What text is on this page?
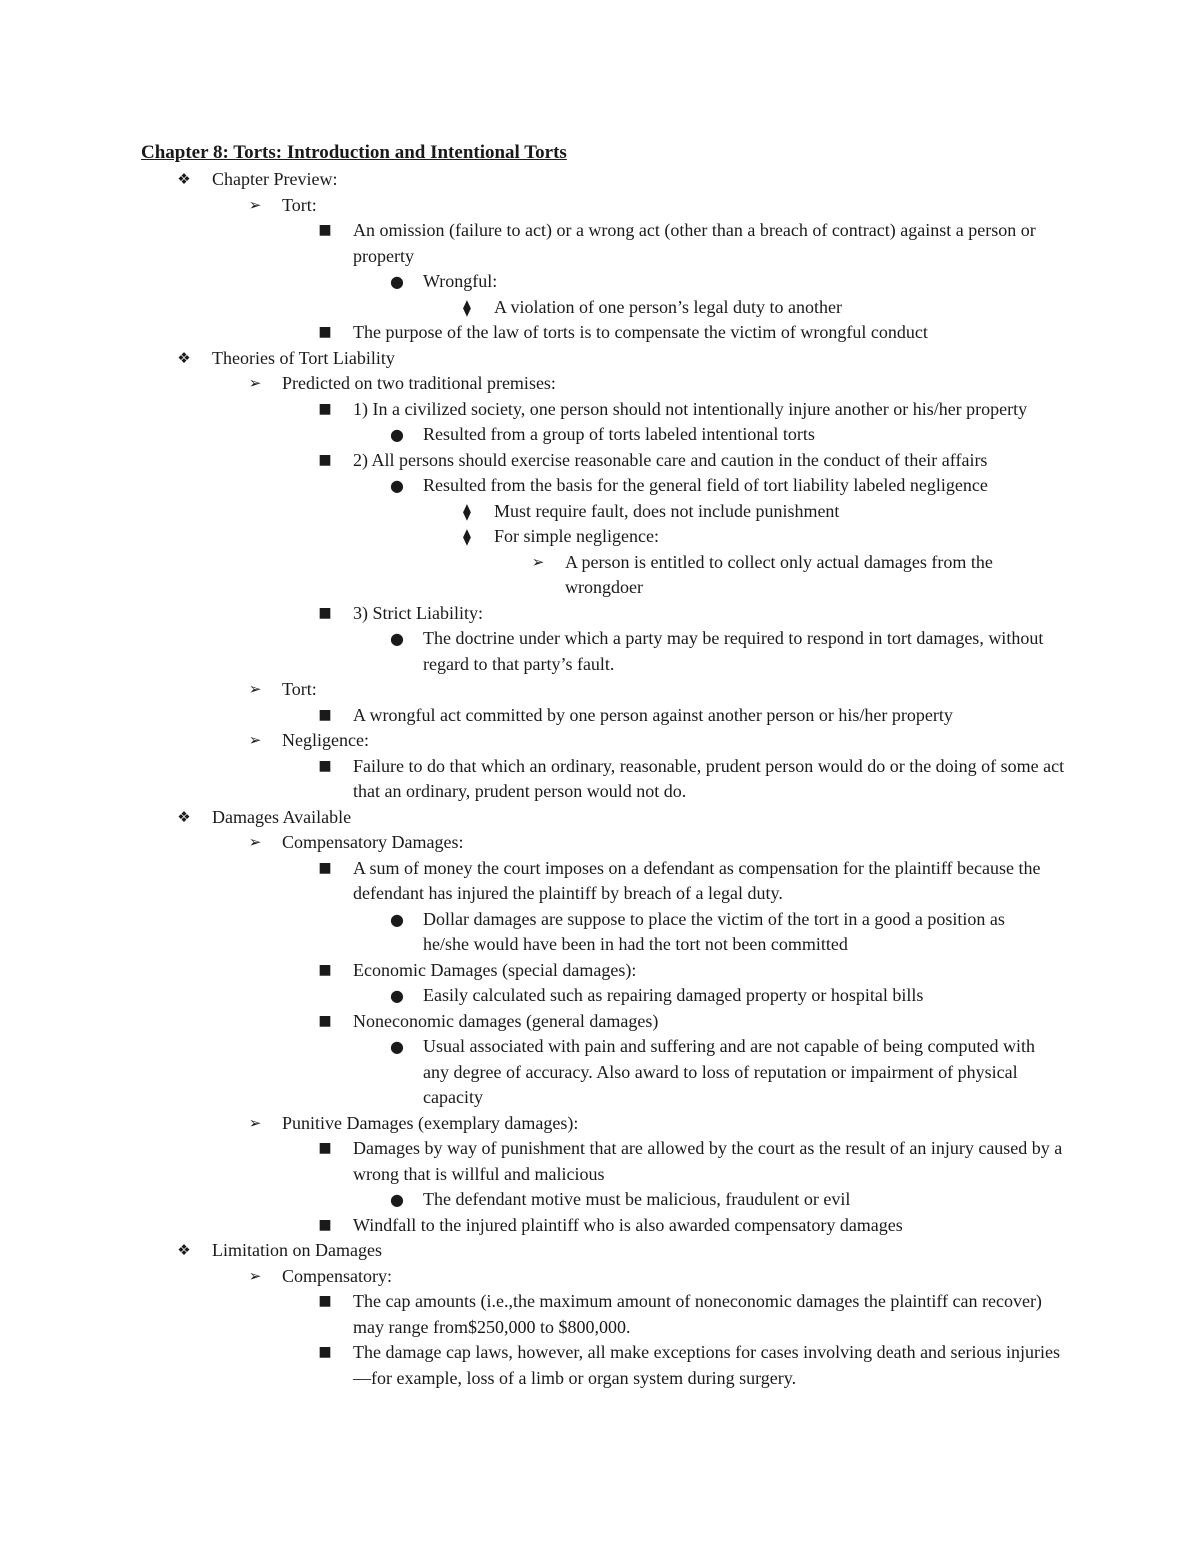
Chapter 8: Torts: Introduction and Intentional Torts
❖ Chapter Preview:
➢	Tort:
■ An omission (failure to act) or a wrong act (other than a breach of contract) against a person or property
● Wrongful:
⧫	A violation of one person’s legal duty to another
■ The purpose of the law of torts is to compensate the victim of wrongful conduct
❖ Theories of Tort Liability
➢	Predicted on two traditional premises:
■ 1) In a civilized society, one person should not intentionally injure another or his/her property
● Resulted from a group of torts labeled intentional torts
■ 2) All persons should exercise reasonable care and caution in the conduct of their affairs
● Resulted from the basis for the general field of tort liability labeled negligence
⧫	Must require fault, does not include punishment
⧫	For simple negligence:
➢	A person is entitled to collect only actual damages from the wrongdoer
■ 3) Strict Liability:
● The doctrine under which a party may be required to respond in tort damages, without regard to that party’s fault.
➢	Tort:
■ A wrongful act committed by one person against another person or his/her property
➢	Negligence:
■ Failure to do that which an ordinary, reasonable, prudent person would do or the doing of some act that an ordinary, prudent person would not do.
❖ Damages Available
➢	Compensatory Damages:
■ A sum of money the court imposes on a defendant as compensation for the plaintiff because the defendant has injured the plaintiff by breach of a legal duty.
● Dollar damages are suppose to place the victim of the tort in a good a position as he/she would have been in had the tort not been committed
■ Economic Damages (special damages):
● Easily calculated such as repairing damaged property or hospital bills
■ Noneconomic damages (general damages)
● Usual associated with pain and suffering and are not capable of being computed with any degree of accuracy. Also award to loss of reputation or impairment of physical capacity
➢	Punitive Damages (exemplary damages):
■ Damages by way of punishment that are allowed by the court as the result of an injury caused by a wrong that is willful and malicious
● The defendant motive must be malicious, fraudulent or evil
■ Windfall to the injured plaintiff who is also awarded compensatory damages
❖ Limitation on Damages
➢	Compensatory:
■ The cap amounts (i.e.,the maximum amount of noneconomic damages the plaintiff can recover) may range from$250,000 to $800,000.
■ The damage cap laws, however, all make exceptions for cases involving death and serious injuries—for example, loss of a limb or organ system during surgery.
